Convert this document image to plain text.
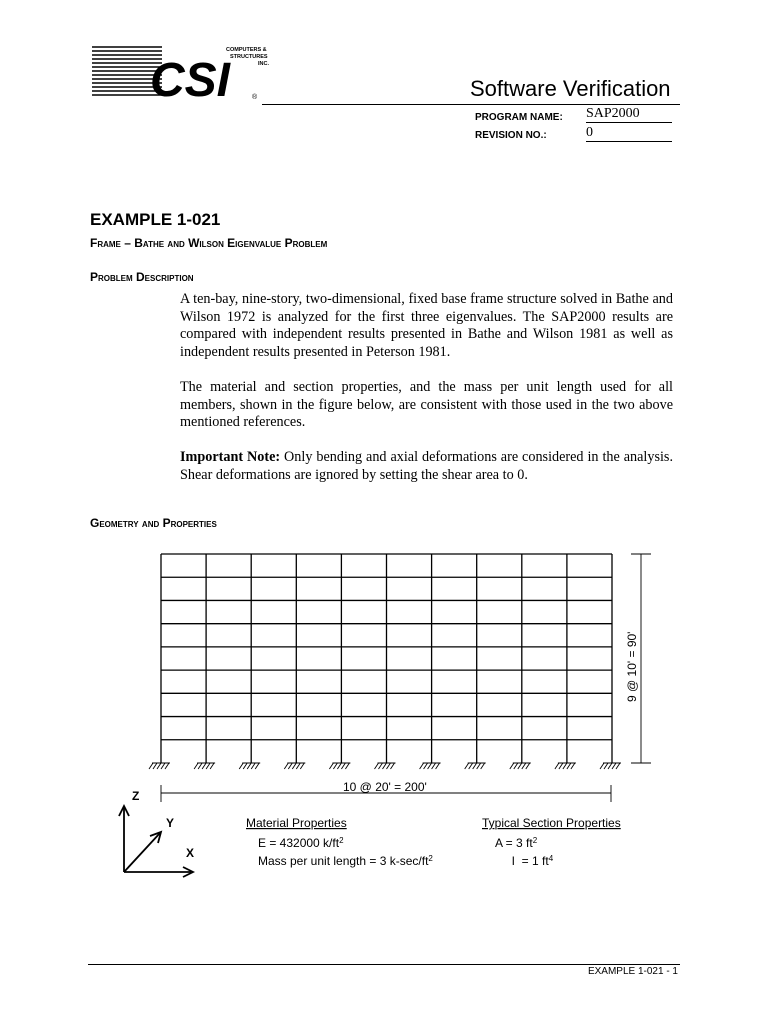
CSI
COMPUTERS &
STRUCTURES
INC.
®	Software Verification
PROGRAM NAME: SAP2000
REVISION NO.:	0
EXAMPLE 1-021
Frame – Bathe and Wilson Eigenvalue Problem
Problem Description

A ten-bay, nine-story, two-dimensional, fixed base frame structure solved in Bathe and Wilson 1972 is analyzed for the first three eigenvalues. The SAP2000 results are compared with independent results presented in Bathe and Wilson 1981 as well as independent results presented in Peterson 1981.

The material and section properties, and the mass per unit length used for all members, shown in the figure below, are consistent with those used in the two above mentioned references.

Important Note: Only bending and axial deformations are considered in the analysis. Shear deformations are ignored by setting the shear area to 0.

Geometry and Properties
9 @ 10' = 90'
10 @ 20' = 200'
Z
Y
X
Material Properties
E = 432000 $k/ft^2$
Mass per unit length = 3 $k-\sec/ft^2$
Typical Section Properties
A = 3 $ft^2$
I  = 1 $ft^4$
EXAMPLE 1-021 - 1
